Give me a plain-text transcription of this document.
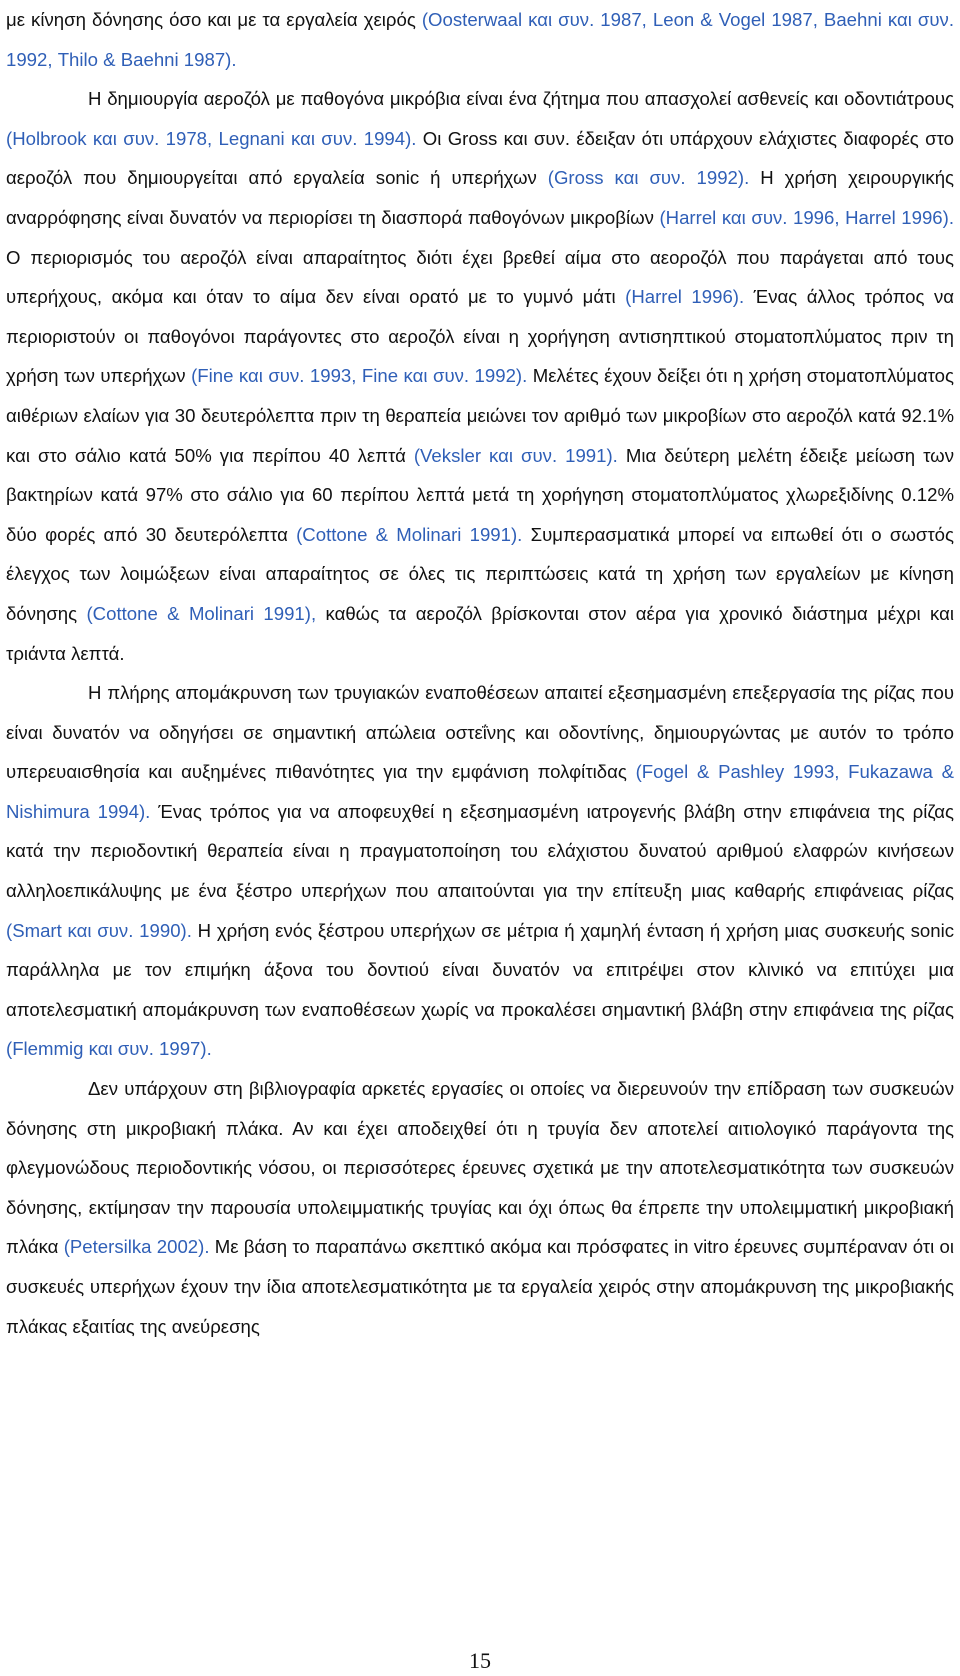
με κίνηση δόνησης όσο και με τα εργαλεία χειρός (Oosterwaal και συν. 1987, Leon & Vogel 1987, Baehni και συν. 1992, Thilo & Baehni 1987).

Η δημιουργία αεροζόλ με παθογόνα μικρόβια είναι ένα ζήτημα που απασχολεί ασθενείς και οδοντιάτρους (Holbrook και συν. 1978, Legnani και συν. 1994). Οι Gross και συν. έδειξαν ότι υπάρχουν ελάχιστες διαφορές στο αεροζόλ που δημιουργείται από εργαλεία sonic ή υπερήχων (Gross και συν. 1992). Η χρήση χειρουργικής αναρρόφησης είναι δυνατόν να περιορίσει τη διασπορά παθογόνων μικροβίων (Harrel και συν. 1996, Harrel 1996). Ο περιορισμός του αεροζόλ είναι απαραίτητος διότι έχει βρεθεί αίμα στο αεοροζόλ που παράγεται από τους υπερήχους, ακόμα και όταν το αίμα δεν είναι ορατό με το γυμνό μάτι (Harrel 1996). Ένας άλλος τρόπος να περιοριστούν οι παθογόνοι παράγοντες στο αεροζόλ είναι η χορήγηση αντισηπτικού στοματοπλύματος πριν τη χρήση των υπερήχων (Fine και συν. 1993, Fine και συν. 1992). Μελέτες έχουν δείξει ότι η χρήση στοματοπλύματος αιθέριων ελαίων για 30 δευτερόλεπτα πριν τη θεραπεία μειώνει τον αριθμό των μικροβίων στο αεροζόλ κατά 92.1% και στο σάλιο κατά 50% για περίπου 40 λεπτά (Veksler και συν. 1991). Μια δεύτερη μελέτη έδειξε μείωση των βακτηρίων κατά 97% στο σάλιο για 60 περίπου λεπτά μετά τη χορήγηση στοματοπλύματος χλωρεξιδίνης 0.12% δύο φορές από 30 δευτερόλεπτα (Cottone & Molinari 1991). Συμπερασματικά μπορεί να ειπωθεί ότι ο σωστός έλεγχος των λοιμώξεων είναι απαραίτητος σε όλες τις περιπτώσεις κατά τη χρήση των εργαλείων με κίνηση δόνησης (Cottone & Molinari 1991), καθώς τα αεροζόλ βρίσκονται στον αέρα για χρονικό διάστημα μέχρι και τριάντα λεπτά.

Η πλήρης απομάκρυνση των τρυγιακών εναποθέσεων απαιτεί εξεσημασμένη επεξεργασία της ρίζας που είναι δυνατόν να οδηγήσει σε σημαντική απώλεια οστεΐνης και οδοντίνης, δημιουργώντας με αυτόν το τρόπο υπερευαισθησία και αυξημένες πιθανότητες για την εμφάνιση πολφίτιδας (Fogel & Pashley 1993, Fukazawa & Nishimura 1994). Ένας τρόπος για να αποφευχθεί η εξεσημασμένη ιατρογενής βλάβη στην επιφάνεια της ρίζας κατά την περιοδοντική θεραπεία είναι η πραγματοποίηση του ελάχιστου δυνατού αριθμού ελαφρών κινήσεων αλληλοεπικάλυψης με ένα ξέστρο υπερήχων που απαιτούνται για την επίτευξη μιας καθαρής επιφάνειας ρίζας (Smart και συν. 1990). Η χρήση ενός ξέστρου υπερήχων σε μέτρια ή χαμηλή ένταση ή χρήση μιας συσκευής sonic παράλληλα με τον επιμήκη άξονα του δοντιού είναι δυνατόν να επιτρέψει στον κλινικό να επιτύχει μια αποτελεσματική απομάκρυνση των εναποθέσεων χωρίς να προκαλέσει σημαντική βλάβη στην επιφάνεια της ρίζας (Flemmig και συν. 1997).

Δεν υπάρχουν στη βιβλιογραφία αρκετές εργασίες οι οποίες να διερευνούν την επίδραση των συσκευών δόνησης στη μικροβιακή πλάκα. Αν και έχει αποδειχθεί ότι η τρυγία δεν αποτελεί αιτιολογικό παράγοντα της φλεγμονώδους περιοδοντικής νόσου, οι περισσότερες έρευνες σχετικά με την αποτελεσματικότητα των συσκευών δόνησης, εκτίμησαν την παρουσία υπολειμματικής τρυγίας και όχι όπως θα έπρεπε την υπολειμματική μικροβιακή πλάκα (Petersilka 2002). Με βάση το παραπάνω σκεπτικό ακόμα και πρόσφατες in vitro έρευνες συμπέραναν ότι οι συσκευές υπερήχων έχουν την ίδια αποτελεσματικότητα με τα εργαλεία χειρός στην απομάκρυνση της μικροβιακής πλάκας εξαιτίας της ανεύρεσης

15
